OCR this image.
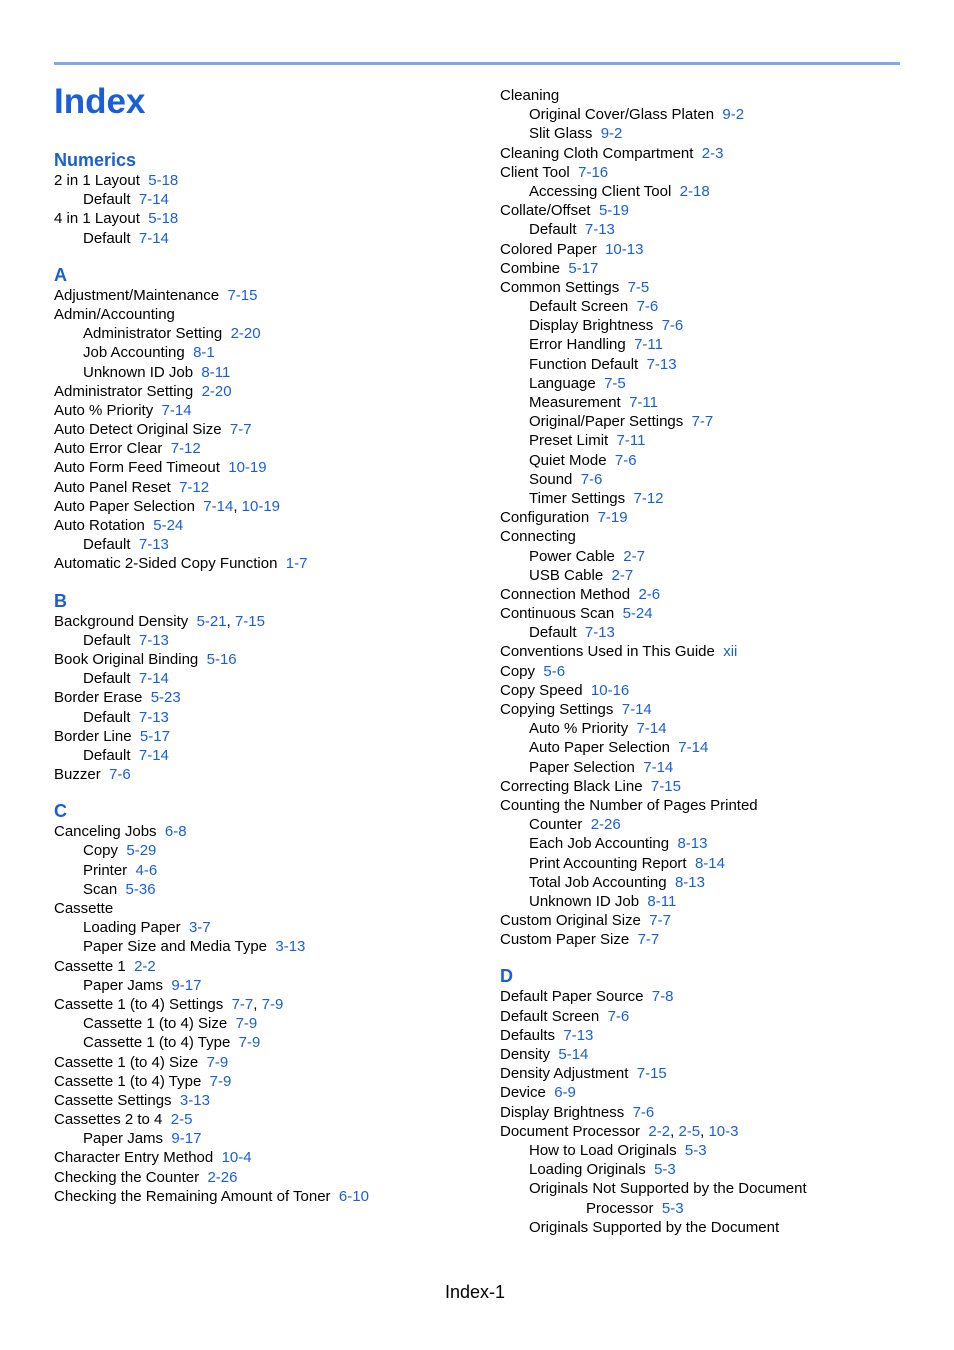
Index
Numerics
2 in 1 Layout 5-18
Default 7-14
4 in 1 Layout 5-18
Default 7-14
A
Adjustment/Maintenance 7-15
Admin/Accounting
Administrator Setting 2-20
Job Accounting 8-1
Unknown ID Job 8-11
Administrator Setting 2-20
Auto % Priority 7-14
Auto Detect Original Size 7-7
Auto Error Clear 7-12
Auto Form Feed Timeout 10-19
Auto Panel Reset 7-12
Auto Paper Selection 7-14, 10-19
Auto Rotation 5-24
Default 7-13
Automatic 2-Sided Copy Function 1-7
B
Background Density 5-21, 7-15
Default 7-13
Book Original Binding 5-16
Default 7-14
Border Erase 5-23
Default 7-13
Border Line 5-17
Default 7-14
Buzzer 7-6
C
Canceling Jobs 6-8
Copy 5-29
Printer 4-6
Scan 5-36
Cassette
Loading Paper 3-7
Paper Size and Media Type 3-13
Cassette 1 2-2
Paper Jams 9-17
Cassette 1 (to 4) Settings 7-7, 7-9
Cassette 1 (to 4) Size 7-9
Cassette 1 (to 4) Type 7-9
Cassette 1 (to 4) Size 7-9
Cassette 1 (to 4) Type 7-9
Cassette Settings 3-13
Cassettes 2 to 4 2-5
Paper Jams 9-17
Character Entry Method 10-4
Checking the Counter 2-26
Checking the Remaining Amount of Toner 6-10
Cleaning
Original Cover/Glass Platen 9-2
Slit Glass 9-2
Cleaning Cloth Compartment 2-3
Client Tool 7-16
Accessing Client Tool 2-18
Collate/Offset 5-19
Default 7-13
Colored Paper 10-13
Combine 5-17
Common Settings 7-5
Default Screen 7-6
Display Brightness 7-6
Error Handling 7-11
Function Default 7-13
Language 7-5
Measurement 7-11
Original/Paper Settings 7-7
Preset Limit 7-11
Quiet Mode 7-6
Sound 7-6
Timer Settings 7-12
Configuration 7-19
Connecting
Power Cable 2-7
USB Cable 2-7
Connection Method 2-6
Continuous Scan 5-24
Default 7-13
Conventions Used in This Guide xii
Copy 5-6
Copy Speed 10-16
Copying Settings 7-14
Auto % Priority 7-14
Auto Paper Selection 7-14
Paper Selection 7-14
Correcting Black Line 7-15
Counting the Number of Pages Printed
Counter 2-26
Each Job Accounting 8-13
Print Accounting Report 8-14
Total Job Accounting 8-13
Unknown ID Job 8-11
Custom Original Size 7-7
Custom Paper Size 7-7
D
Default Paper Source 7-8
Default Screen 7-6
Defaults 7-13
Density 5-14
Density Adjustment 7-15
Device 6-9
Display Brightness 7-6
Document Processor 2-2, 2-5, 10-3
How to Load Originals 5-3
Loading Originals 5-3
Originals Not Supported by the Document
Processor 5-3
Originals Supported by the Document
Index-1
